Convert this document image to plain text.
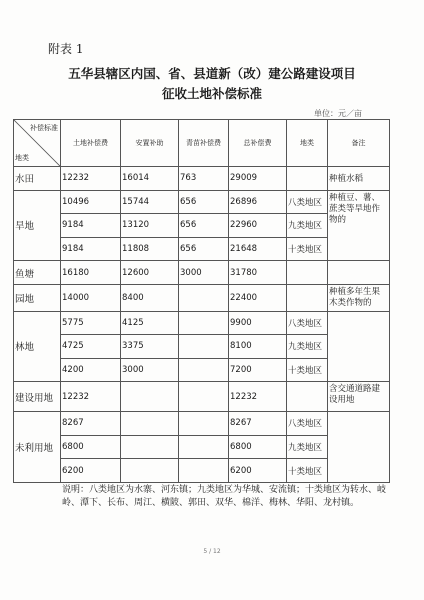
附表 1
五华县辖区内国、省、县道新（改）建公路建设项目
征收土地补偿标准
单位：元／亩
补偿标准
地类	土地补偿费	安置补助	青苗补偿费	总补偿费	地类	备注
水田	12232	16014	763	29009		种植水稻
旱地	10496	15744	656	26896	八类地区	种植豆、薯、蔗类等旱地作物的
	9184	13120	656	22960	九类地区	
	9184	11808	656	21648	十类地区	
鱼塘	16180	12600	3000	31780		
园地	14000	8400		22400		种植多年生果木类作物的
林地	5775	4125		9900	八类地区	
	4725	3375		8100	九类地区	
	4200	3000		7200	十类地区	
建设用地	12232			12232		含交通道路建设用地
未利用地	8267			8267	八类地区	
	6800			6800	九类地区	
	6200			6200	十类地区	
说明：八类地区为水寨、河东镇；九类地区为华城、安流镇；十类地区为转水、岐岭、潭下、长布、周江、横陂、郭田、双华、棉洋、梅林、华阳、龙村镇。
5 / 12
